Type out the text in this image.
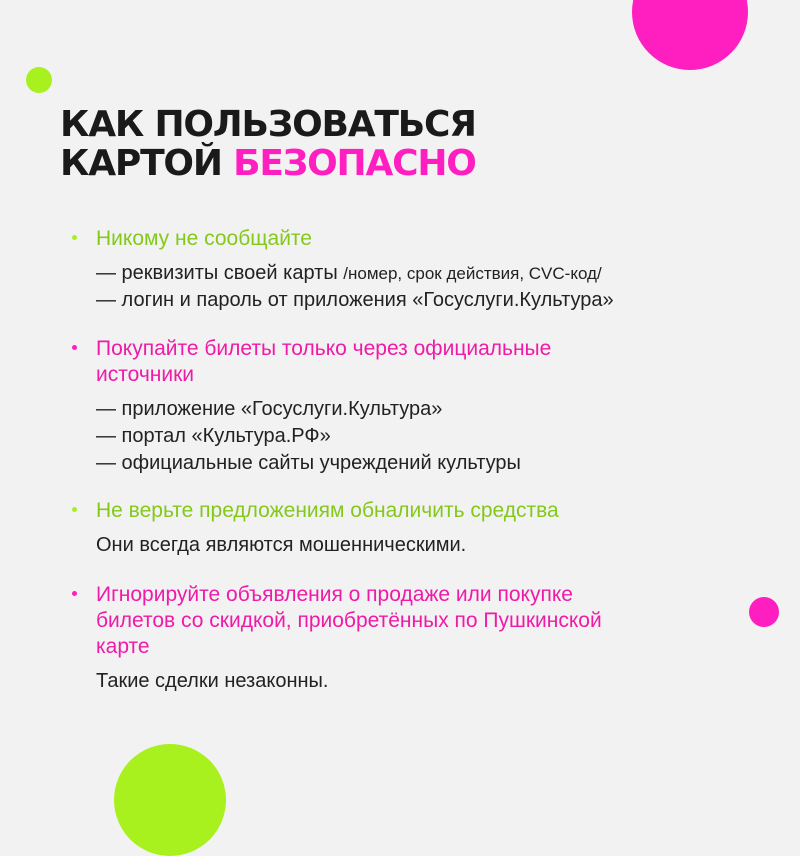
КАК ПОЛЬЗОВАТЬСЯ
КАРТОЙ БЕЗОПАСНО
Никому не сообщайте
— реквизиты своей карты /номер, срок действия, CVC-код/
— логин и пароль от приложения «Госуслуги.Культура»
Покупайте билеты только через официальные
источники
— приложение «Госуслуги.Культура»
— портал «Культура.РФ»
— официальные сайты учреждений культуры
Не верьте предложениям обналичить средства
Они всегда являются мошенническими.
Игнорируйте объявления о продаже или покупке
билетов со скидкой, приобретённых по Пушкинской
карте
Такие сделки незаконны.
